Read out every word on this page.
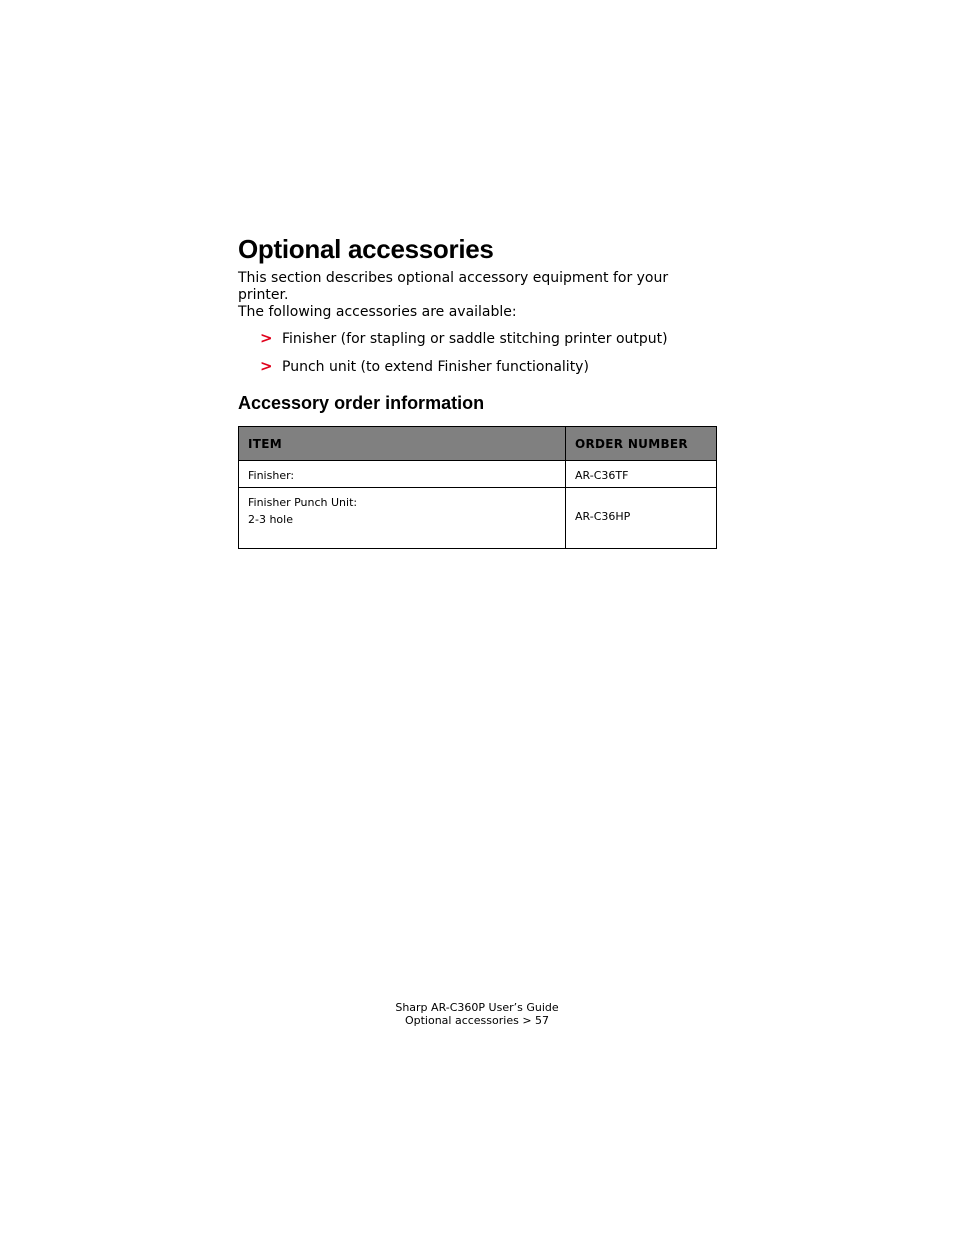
Optional accessories

This section describes optional accessory equipment for your printer.
The following accessories are available:

> Finisher (for stapling or saddle stitching printer output)
> Punch unit (to extend Finisher functionality)
Accessory order information
ITEM	ORDER NUMBER

Finisher:	AR-C36TF

Finisher Punch Unit:
2-3 hole	AR-C36HP
Sharp AR-C360P User’s Guide
Optional accessories > 57
